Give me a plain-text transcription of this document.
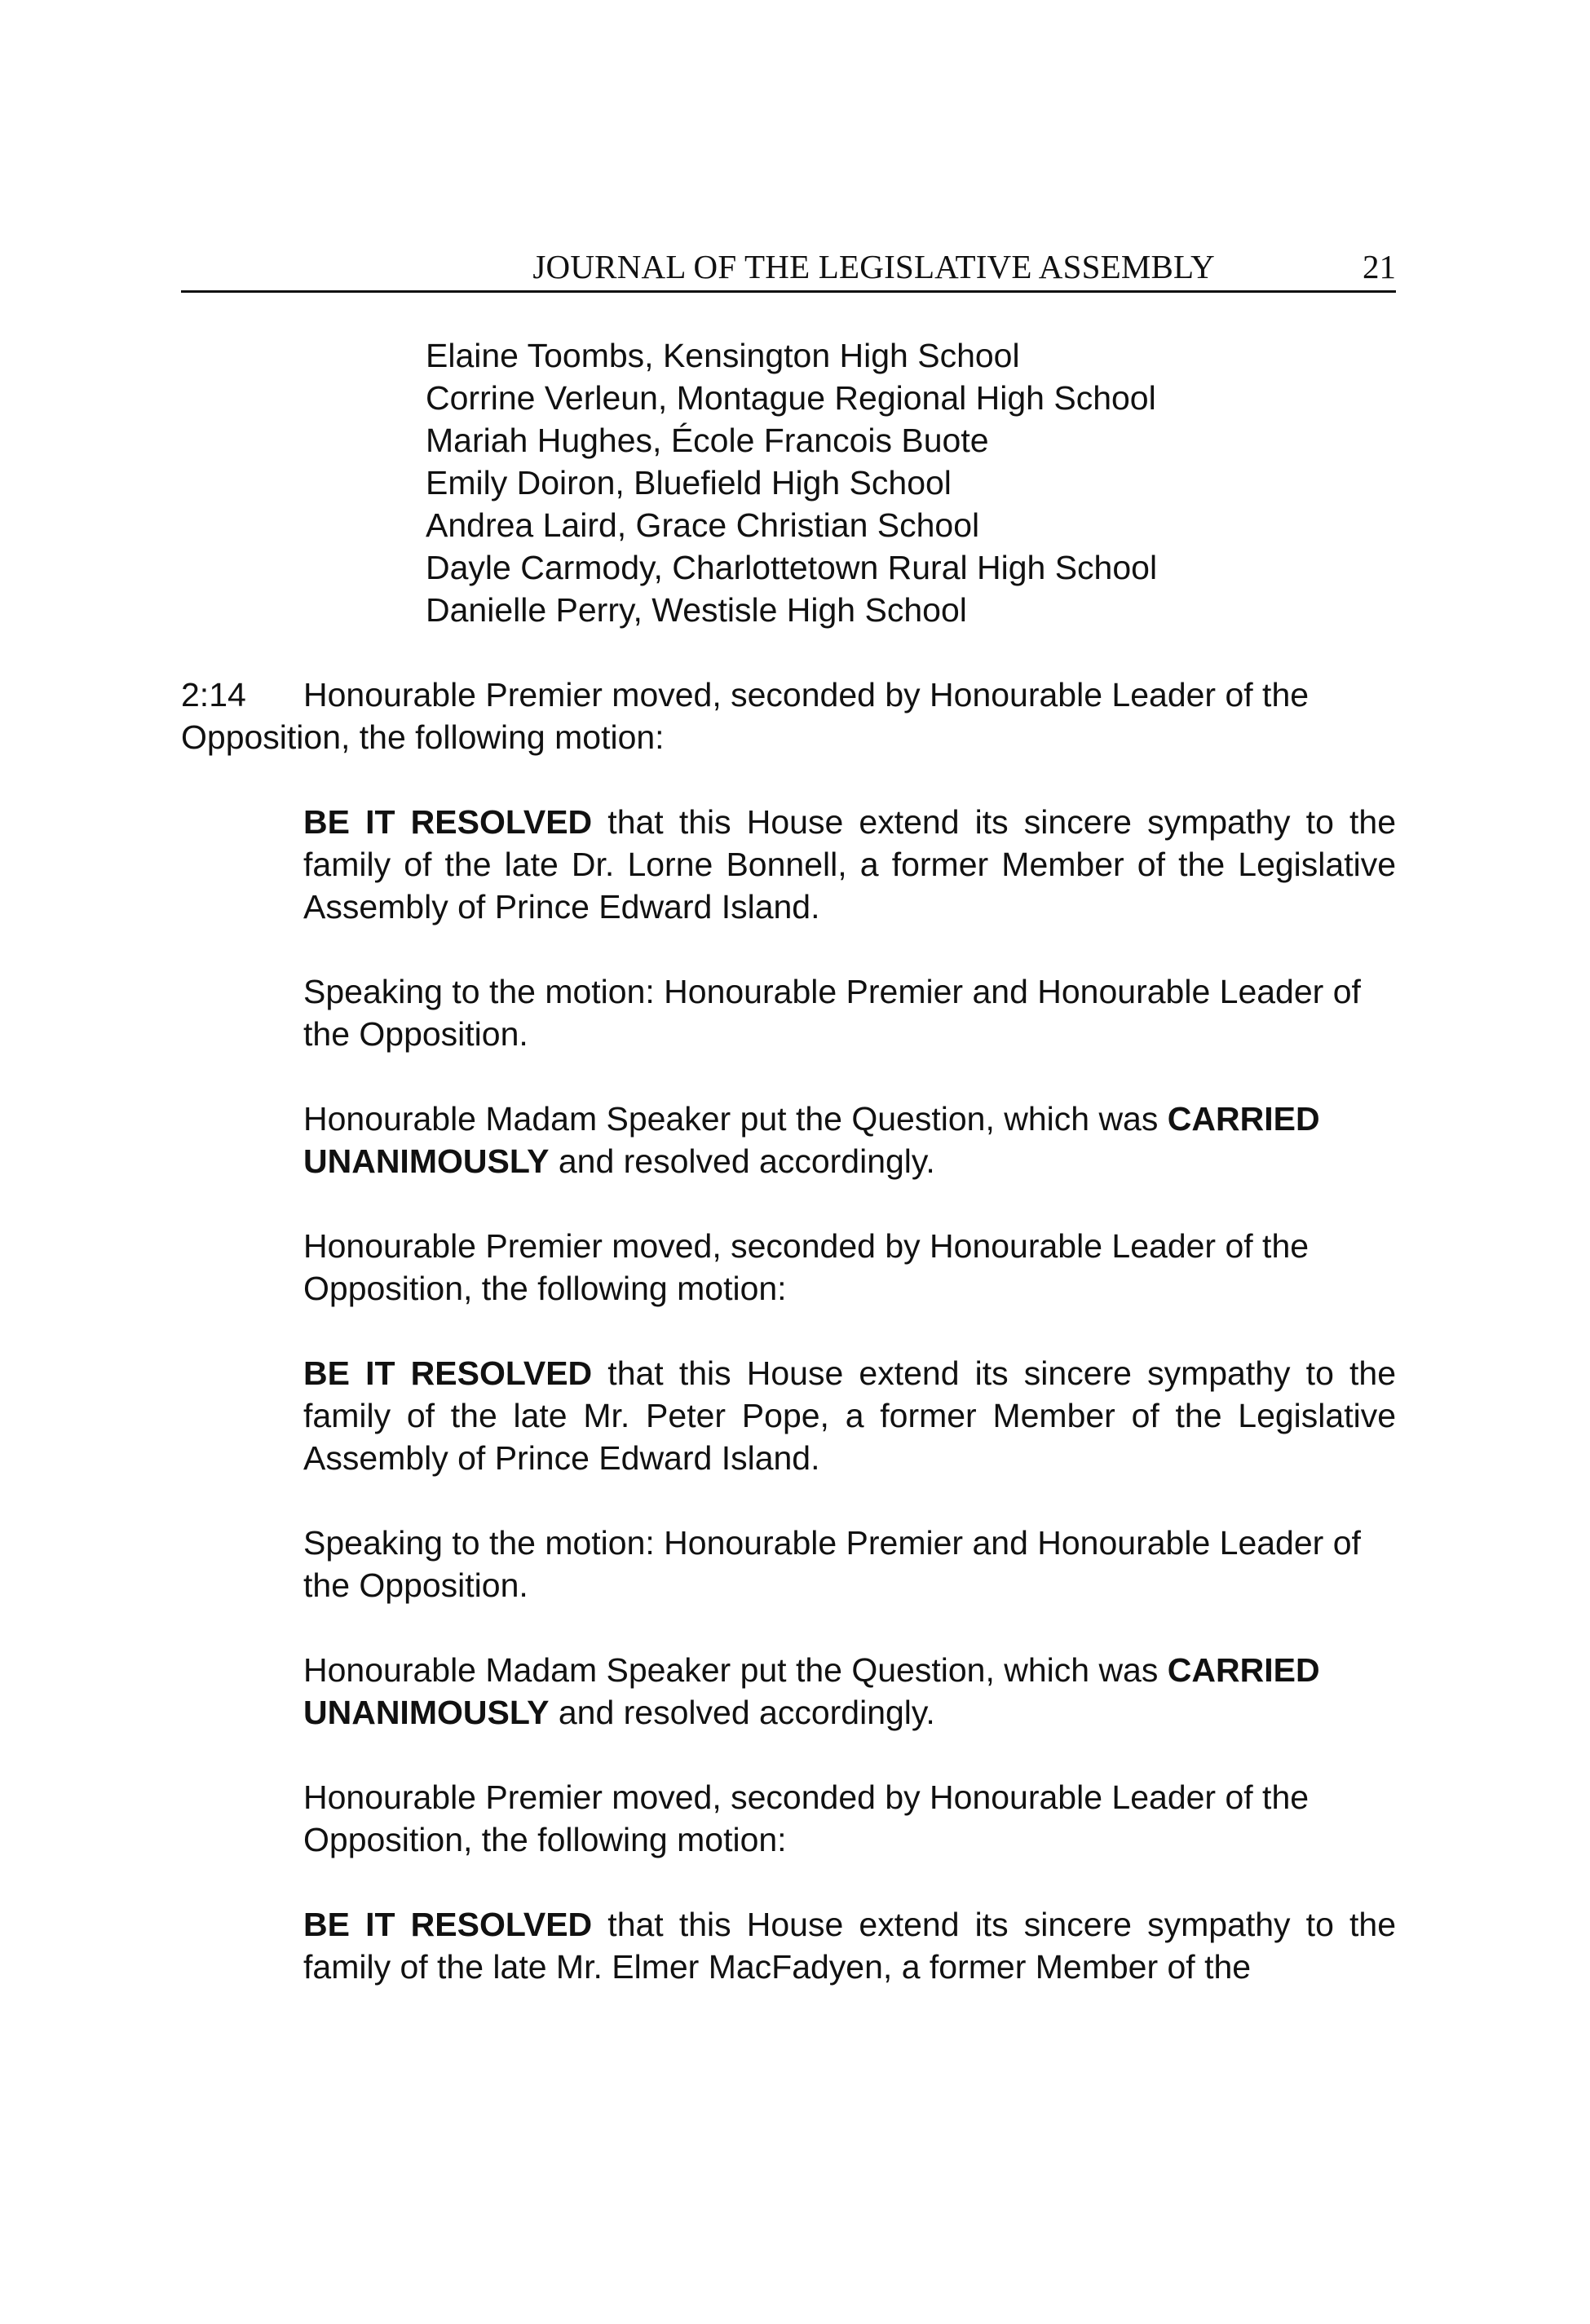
JOURNAL OF THE LEGISLATIVE ASSEMBLY	21
Elaine Toombs, Kensington High School
Corrine Verleun, Montague Regional High School
Mariah Hughes, École Francois Buote
Emily Doiron, Bluefield High School
Andrea Laird, Grace Christian School
Dayle Carmody, Charlottetown Rural High School
Danielle Perry, Westisle High School
2:14 Honourable Premier moved, seconded by Honourable Leader of the
Opposition, the following motion:

BE IT RESOLVED that this House extend its sincere sympathy to the family of the late Dr. Lorne Bonnell, a former Member of the Legislative Assembly of Prince Edward Island.

Speaking to the motion: Honourable Premier and Honourable Leader of the Opposition.

Honourable Madam Speaker put the Question, which was CARRIED UNANIMOUSLY and resolved accordingly.

Honourable Premier moved, seconded by Honourable Leader of the Opposition, the following motion:

BE IT RESOLVED that this House extend its sincere sympathy to the family of the late Mr. Peter Pope, a former Member of the Legislative Assembly of Prince Edward Island.

Speaking to the motion: Honourable Premier and Honourable Leader of the Opposition.

Honourable Madam Speaker put the Question, which was CARRIED UNANIMOUSLY and resolved accordingly.

Honourable Premier moved, seconded by Honourable Leader of the Opposition, the following motion:

BE IT RESOLVED that this House extend its sincere sympathy to the family of the late Mr. Elmer MacFadyen, a former Member of the
